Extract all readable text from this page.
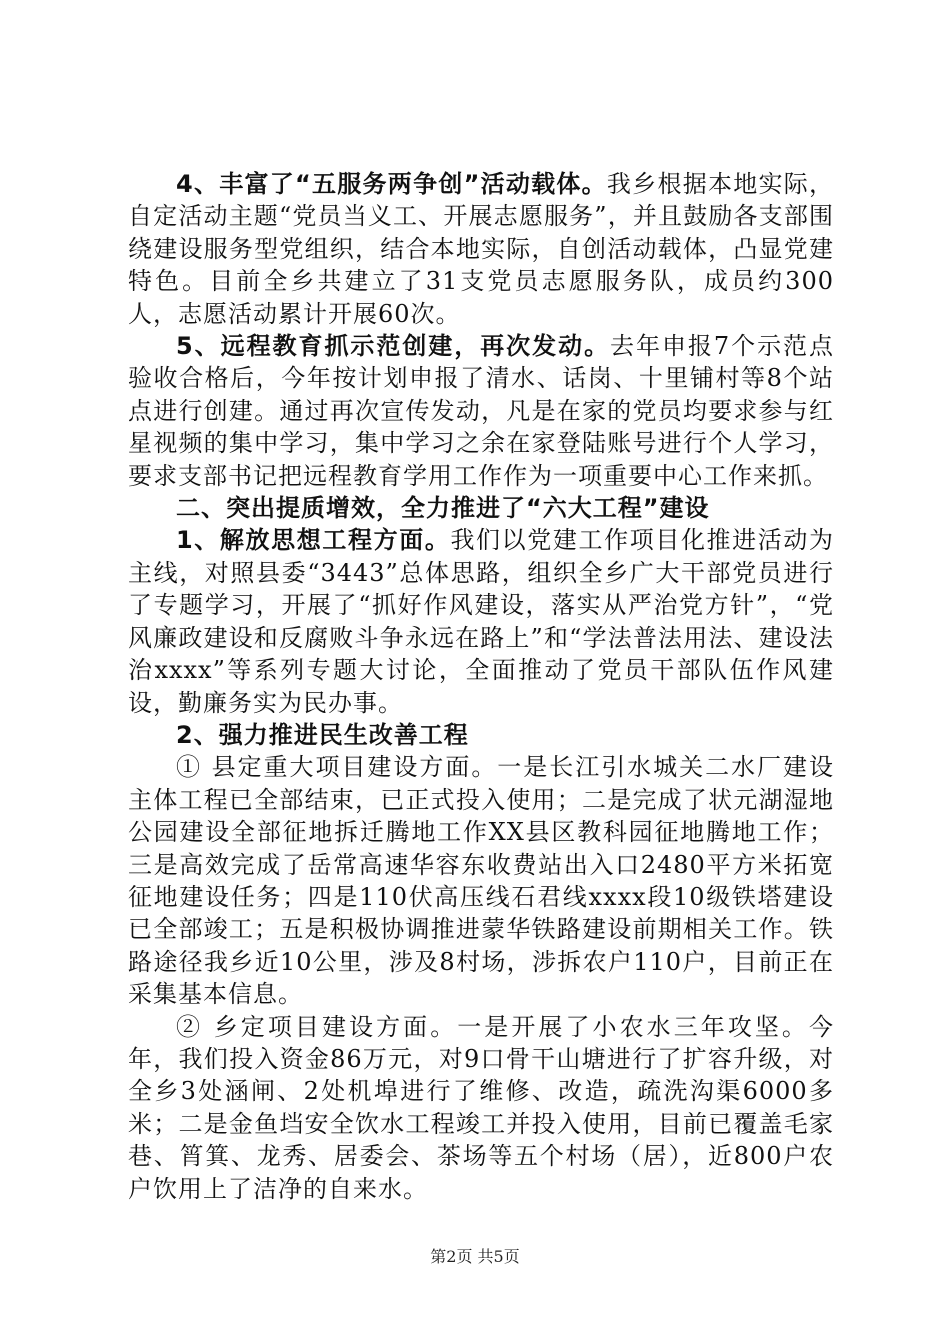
4、丰富了“五服务两争创”活动载体。我乡根据本地实际，自定活动主题“党员当义工、开展志愿服务”，并且鼓励各支部围绕建设服务型党组织，结合本地实际，自创活动载体，凸显党建特色。目前全乡共建立了31支党员志愿服务队，成员约300人，志愿活动累计开展60次。

5、远程教育抓示范创建，再次发动。去年申报7个示范点验收合格后，今年按计划申报了清水、话岗、十里铺村等8个站点进行创建。通过再次宣传发动，凡是在家的党员均要求参与红星视频的集中学习，集中学习之余在家登陆账号进行个人学习，要求支部书记把远程教育学用工作作为一项重要中心工作来抓。

二、突出提质增效，全力推进了“六大工程”建设

1、解放思想工程方面。我们以党建工作项目化推进活动为主线，对照县委“3443”总体思路，组织全乡广大干部党员进行了专题学习，开展了“抓好作风建设，落实从严治党方针”，“党风廉政建设和反腐败斗争永远在路上”和“学法普法用法、建设法治xxxx”等系列专题大讨论，全面推动了党员干部队伍作风建设，勤廉务实为民办事。

2、强力推进民生改善工程

① 县定重大项目建设方面。一是长江引水城关二水厂建设主体工程已全部结束，已正式投入使用；二是完成了状元湖湿地公园建设全部征地拆迁腾地工作XX县区教科园征地腾地工作；三是高效完成了岳常高速华容东收费站出入口2480平方米拓宽征地建设任务；四是110伏高压线石君线xxxx段10级铁塔建设已全部竣工；五是积极协调推进蒙华铁路建设前期相关工作。铁路途径我乡近10公里，涉及8村场，涉拆农户110户，目前正在采集基本信息。

② 乡定项目建设方面。一是开展了小农水三年攻坚。今年，我们投入资金86万元，对9口骨干山塘进行了扩容升级，对全乡3处涵闸、2处机埠进行了维修、改造，疏洗沟渠6000多米；二是金鱼垱安全饮水工程竣工并投入使用，目前已覆盖毛家巷、筲箕、龙秀、居委会、茶场等五个村场（居），近800户农户饮用上了洁净的自来水。

第2页 共5页
